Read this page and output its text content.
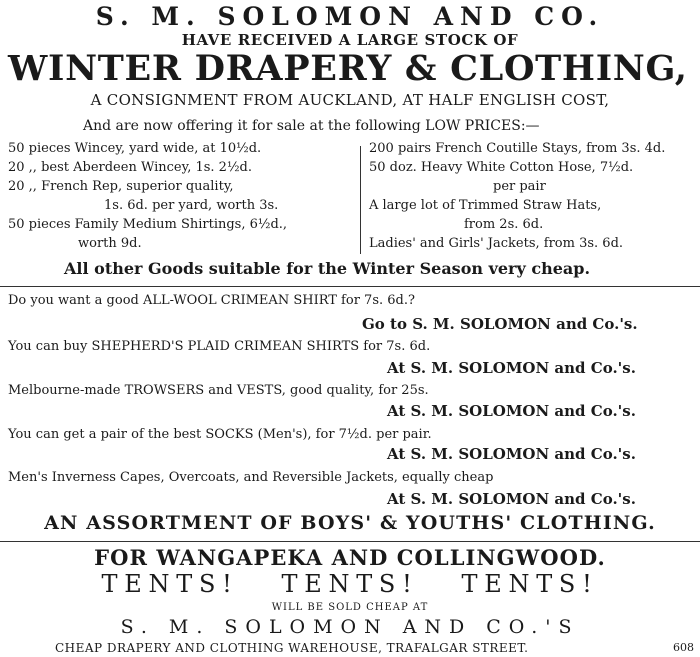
S. M. SOLOMON AND CO.
HAVE RECEIVED A LARGE STOCK OF
WINTER DRAPERY & CLOTHING,
A CONSIGNMENT FROM AUCKLAND, AT HALF ENGLISH COST,
And are now offering it for sale at the following LOW PRICES:—
50 pieces Wincey, yard wide, at 10½d.
20 ,, best Aberdeen Wincey, 1s. 2½d.
20 ,, French Rep, superior quality,
1s. 6d. per yard, worth 3s.
50 pieces Family Medium Shirtings, 6½d.,
worth 9d.
200 pairs French Coutille Stays, from 3s. 4d.
50 doz. Heavy White Cotton Hose, 7½d.
per pair
A large lot of Trimmed Straw Hats,
from 2s. 6d.
Ladies' and Girls' Jackets, from 3s. 6d.
All other Goods suitable for the Winter Season very cheap.
Do you want a good ALL-WOOL CRIMEAN SHIRT for 7s. 6d.?
Go to S. M. SOLOMON and Co.'s.
You can buy SHEPHERD'S PLAID CRIMEAN SHIRTS for 7s. 6d.
At S. M. SOLOMON and Co.'s.
Melbourne-made TROWSERS and VESTS, good quality, for 25s.
At S. M. SOLOMON and Co.'s.
You can get a pair of the best SOCKS (Men's), for 7½d. per pair.
At S. M. SOLOMON and Co.'s.
Men's Inverness Capes, Overcoats, and Reversible Jackets, equally cheap
At S. M. SOLOMON and Co.'s.
AN ASSORTMENT OF BOYS' & YOUTHS' CLOTHING.
FOR WANGAPEKA AND COLLINGWOOD.
TENTS!   TENTS!   TENTS!
WILL BE SOLD CHEAP AT
S. M. SOLOMON AND CO.'S
CHEAP DRAPERY AND CLOTHING WAREHOUSE, TRAFALGAR STREET.	608
